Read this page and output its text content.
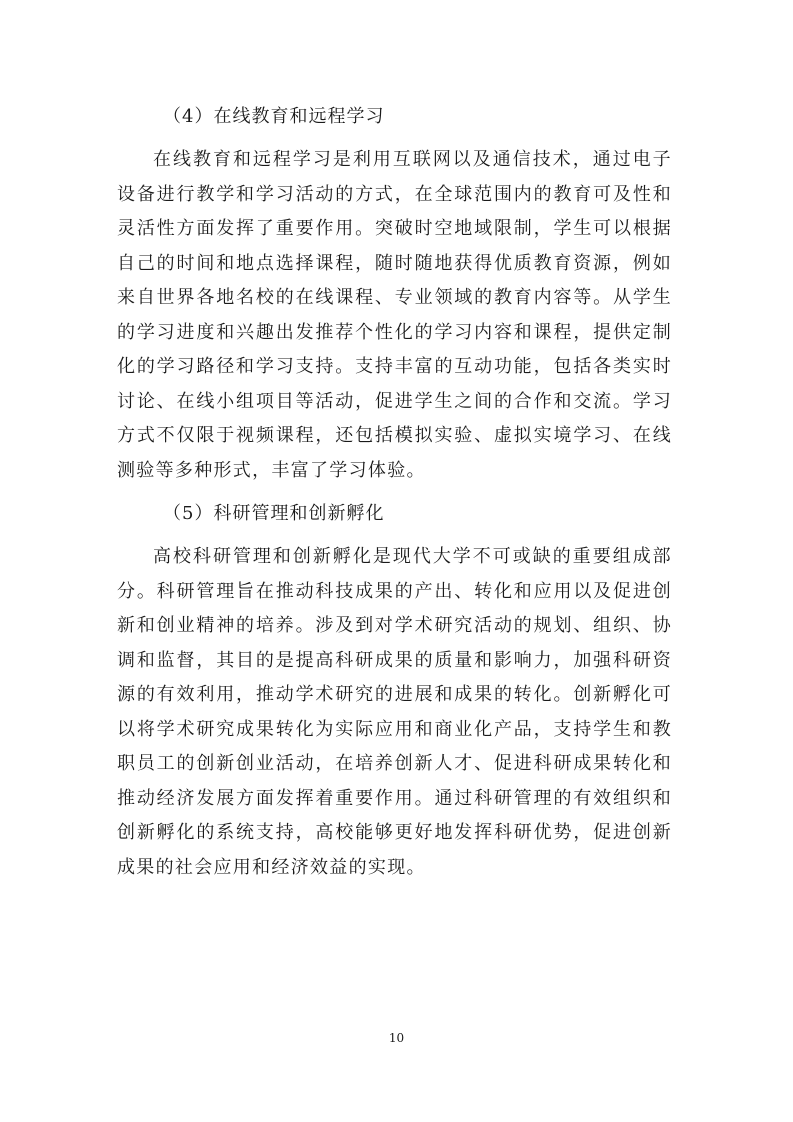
（4）在线教育和远程学习

在线教育和远程学习是利用互联网以及通信技术，通过电子设备进行教学和学习活动的方式，在全球范围内的教育可及性和灵活性方面发挥了重要作用。突破时空地域限制，学生可以根据自己的时间和地点选择课程，随时随地获得优质教育资源，例如来自世界各地名校的在线课程、专业领域的教育内容等。从学生的学习进度和兴趣出发推荐个性化的学习内容和课程，提供定制化的学习路径和学习支持。支持丰富的互动功能，包括各类实时讨论、在线小组项目等活动，促进学生之间的合作和交流。学习方式不仅限于视频课程，还包括模拟实验、虚拟实境学习、在线测验等多种形式，丰富了学习体验。

（5）科研管理和创新孵化

高校科研管理和创新孵化是现代大学不可或缺的重要组成部分。科研管理旨在推动科技成果的产出、转化和应用以及促进创新和创业精神的培养。涉及到对学术研究活动的规划、组织、协调和监督，其目的是提高科研成果的质量和影响力，加强科研资源的有效利用，推动学术研究的进展和成果的转化。创新孵化可以将学术研究成果转化为实际应用和商业化产品，支持学生和教职员工的创新创业活动，在培养创新人才、促进科研成果转化和推动经济发展方面发挥着重要作用。通过科研管理的有效组织和创新孵化的系统支持，高校能够更好地发挥科研优势，促进创新成果的社会应用和经济效益的实现。

10
